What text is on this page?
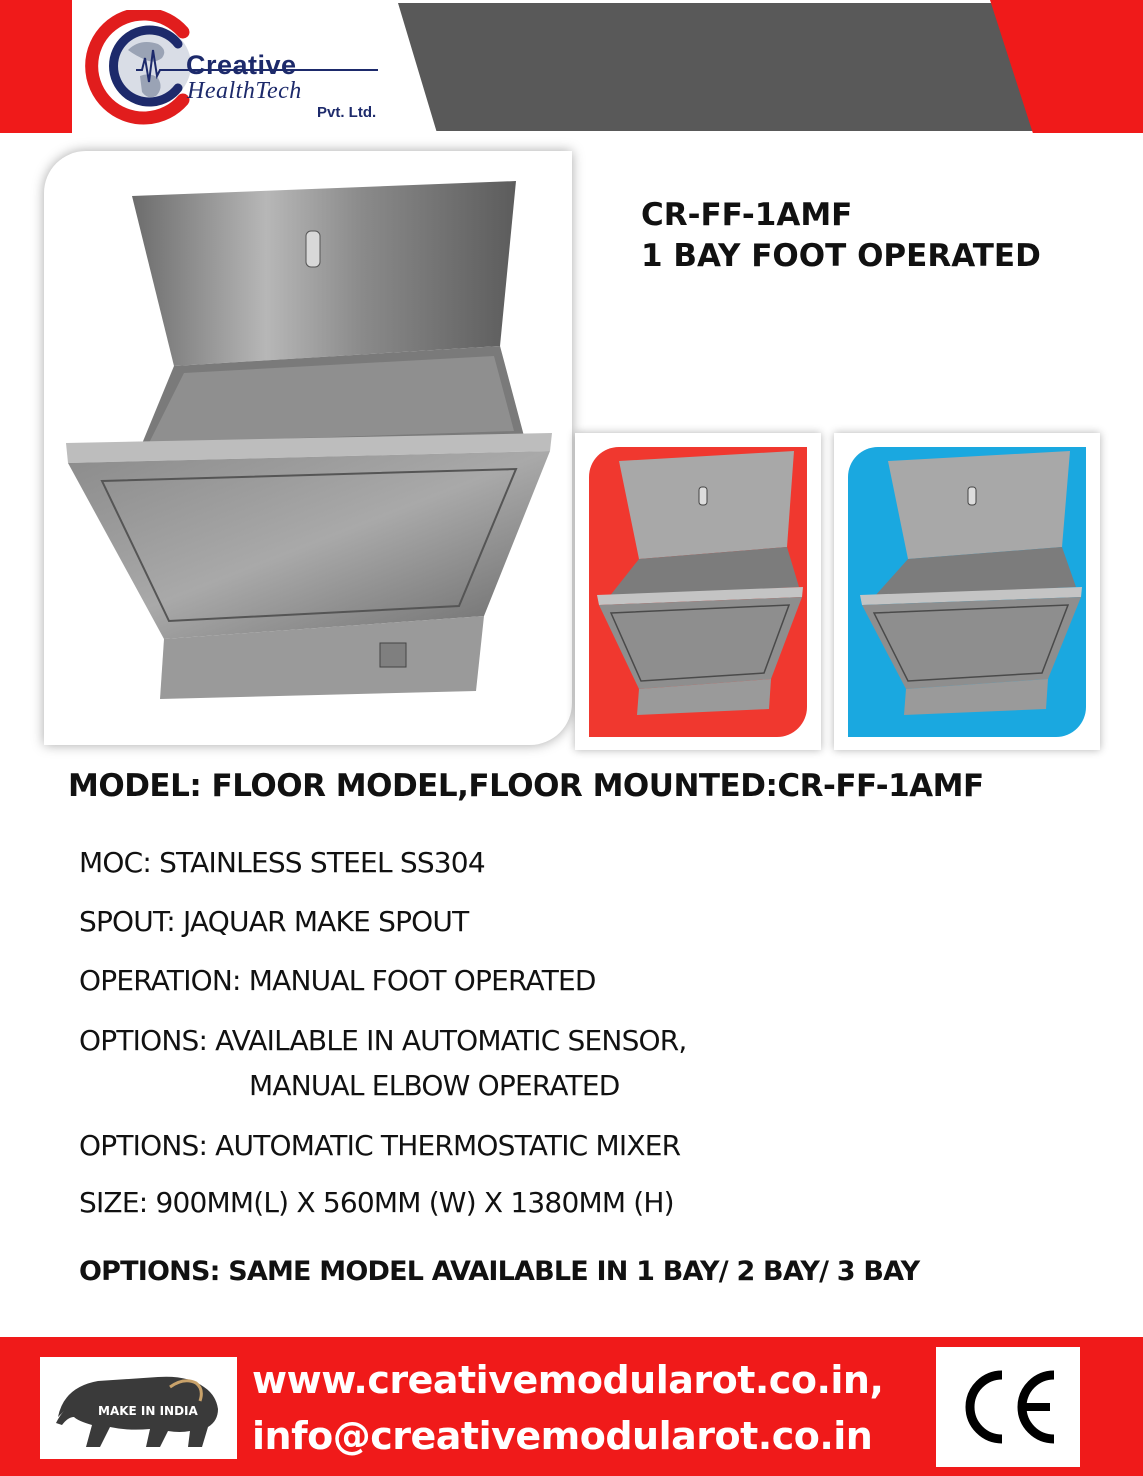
Creative
HealthTech
Pvt. Ltd.
CR-FF-1AMF
1 BAY FOOT OPERATED
MODEL: FLOOR MODEL,FLOOR MOUNTED:CR-FF-1AMF
MOC: STAINLESS STEEL SS304
SPOUT: JAQUAR MAKE SPOUT
OPERATION: MANUAL FOOT OPERATED
OPTIONS: AVAILABLE IN AUTOMATIC SENSOR,
MANUAL ELBOW OPERATED
OPTIONS: AUTOMATIC THERMOSTATIC MIXER
SIZE: 900MM(L) X 560MM (W) X 1380MM (H)
OPTIONS: SAME MODEL AVAILABLE IN 1 BAY/ 2 BAY/ 3 BAY
MAKE IN INDIA
www.creativemodularot.co.in,
info@creativemodularot.co.in
